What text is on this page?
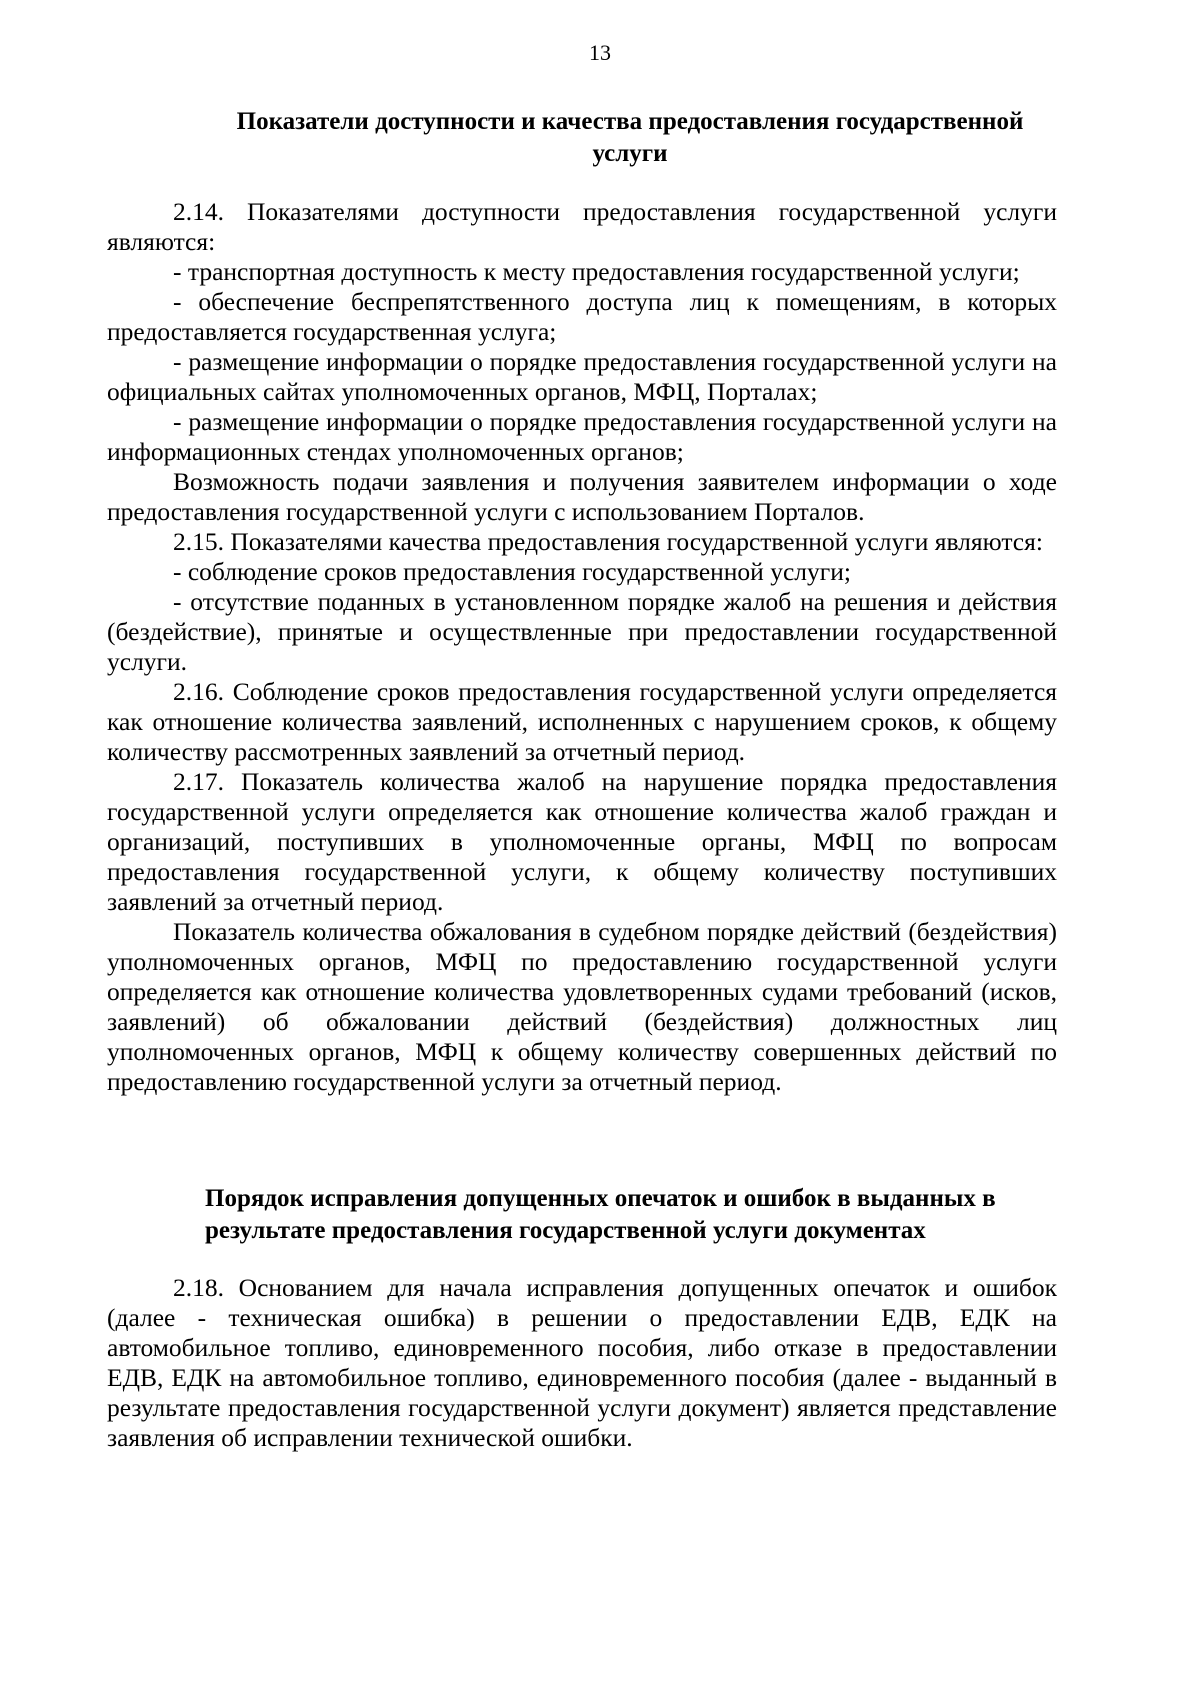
13
Показатели доступности и качества предоставления государственной
услуги

2.14. Показателями доступности предоставления государственной услуги являются:

- транспортная доступность к месту предоставления государственной услуги;

- обеспечение беспрепятственного доступа лиц к помещениям, в которых предоставляется государственная услуга;

- размещение информации о порядке предоставления государственной услуги на официальных сайтах уполномоченных органов, МФЦ, Порталах;

- размещение информации о порядке предоставления государственной услуги на информационных стендах уполномоченных органов;

Возможность подачи заявления и получения заявителем информации о ходе предоставления государственной услуги с использованием Порталов.

2.15. Показателями качества предоставления государственной услуги являются:

- соблюдение сроков предоставления государственной услуги;

- отсутствие поданных в установленном порядке жалоб на решения и действия (бездействие), принятые и осуществленные при предоставлении государственной услуги.

2.16. Соблюдение сроков предоставления государственной услуги определяется как отношение количества заявлений, исполненных с нарушением сроков, к общему количеству рассмотренных заявлений за отчетный период.

2.17. Показатель количества жалоб на нарушение порядка предоставления государственной услуги определяется как отношение количества жалоб граждан и организаций, поступивших в уполномоченные органы, МФЦ по вопросам предоставления государственной услуги, к общему количеству поступивших заявлений за отчетный период.

Показатель количества обжалования в судебном порядке действий (бездействия) уполномоченных органов, МФЦ по предоставлению государственной услуги определяется как отношение количества удовлетворенных судами требований (исков, заявлений) об обжаловании действий (бездействия) должностных лиц уполномоченных органов, МФЦ к общему количеству совершенных действий по предоставлению государственной услуги за отчетный период.

Порядок исправления допущенных опечаток и ошибок в выданных в
результате предоставления государственной услуги документах

2.18. Основанием для начала исправления допущенных опечаток и ошибок (далее - техническая ошибка) в решении о предоставлении ЕДВ, ЕДК на автомобильное топливо, единовременного пособия, либо отказе в предоставлении ЕДВ, ЕДК на автомобильное топливо, единовременного пособия (далее - выданный в результате предоставления государственной услуги документ) является представление заявления об исправлении технической ошибки.
